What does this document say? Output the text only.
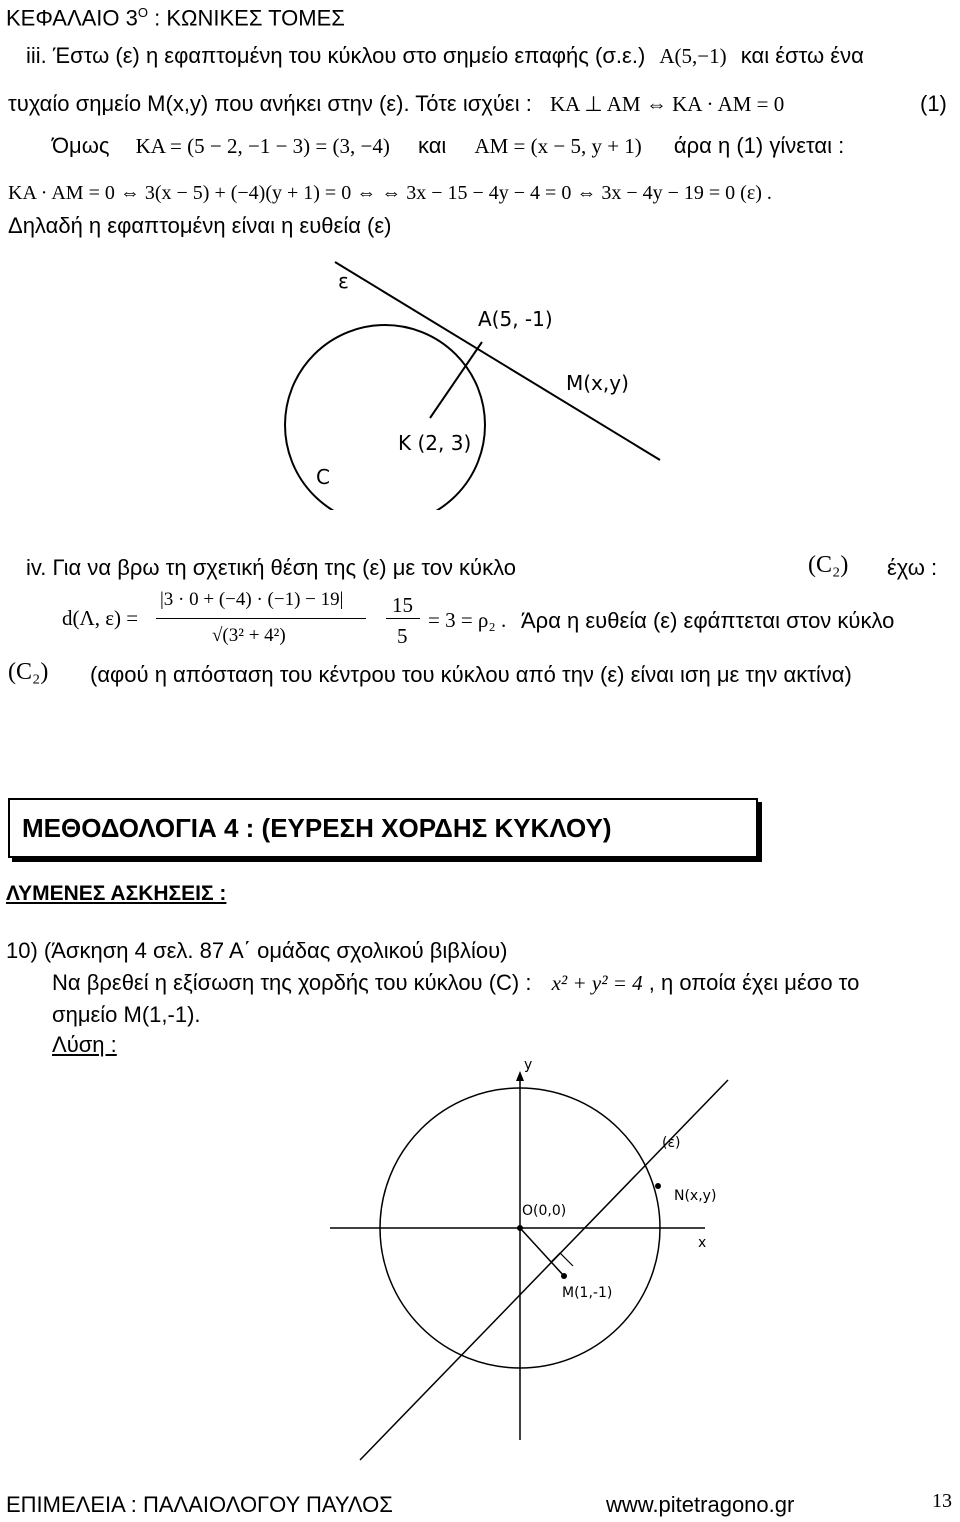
ΚΕΦΑΛΑΙΟ $3^O$ : ΚΩΝΙΚΕΣ ΤΟΜΕΣ
iii. Έστω (ε) η εφαπτομένη του κύκλου στο σημείο επαφής (σ.ε.) A(5,−1) και έστω ένα
τυχαίο σημείο Μ(x,y) που ανήκει στην (ε). Τότε ισχύει : KA ⊥ AM ⇔ KA · AM = 0	(1)
Όμως KA = (5 − 2, −1 − 3) = (3, −4) και AM = (x − 5, y + 1) άρα η (1) γίνεται :
KA · AM = 0 ⇔ 3(x − 5) + (−4)(y + 1) = 0 ⇔ ⇔ 3x − 15 − 4y − 4 = 0 ⇔ 3x − 4y − 19 = 0 (ε) .
Δηλαδή η εφαπτομένη είναι η ευθεία (ε)
ε
Α(5, -1)
Μ(x,y)
Κ (2, 3)
C
iv. Για να βρω τη σχετική θέση της (ε) με τον κύκλο	(C₂) έχω :
d(Λ, ε) =
|3 · 0 + (−4) · (−1) − 19|
√(3² + 4²)
15
5
= 3 = ρ₂ . Άρα η ευθεία (ε) εφάπτεται στον κύκλο
(C₂) (αφού η απόσταση του κέντρου του κύκλου από την (ε) είναι ιση με την ακτίνα)
ΜΕΘΟΔΟΛΟΓΙΑ 4 : (ΕΥΡΕΣΗ ΧΟΡΔΗΣ ΚΥΚΛΟΥ)
ΛΥΜΕΝΕΣ ΑΣΚΗΣΕΙΣ :
10) (Άσκηση 4 σελ. 87 Α΄ ομάδας σχολικού βιβλίου)
Να βρεθεί η εξίσωση της χορδής του κύκλου (C) : x² + y² = 4 , η οποία έχει μέσο το
σημείο Μ(1,-1).
Λύση :
y
x
O(0,0)
(ε)
N(x,y)
M(1,-1)
ΕΠΙΜΕΛΕΙΑ : ΠΑΛΑΙΟΛΟΓΟΥ ΠΑΥΛΟΣ	www.pitetragono.gr	13
